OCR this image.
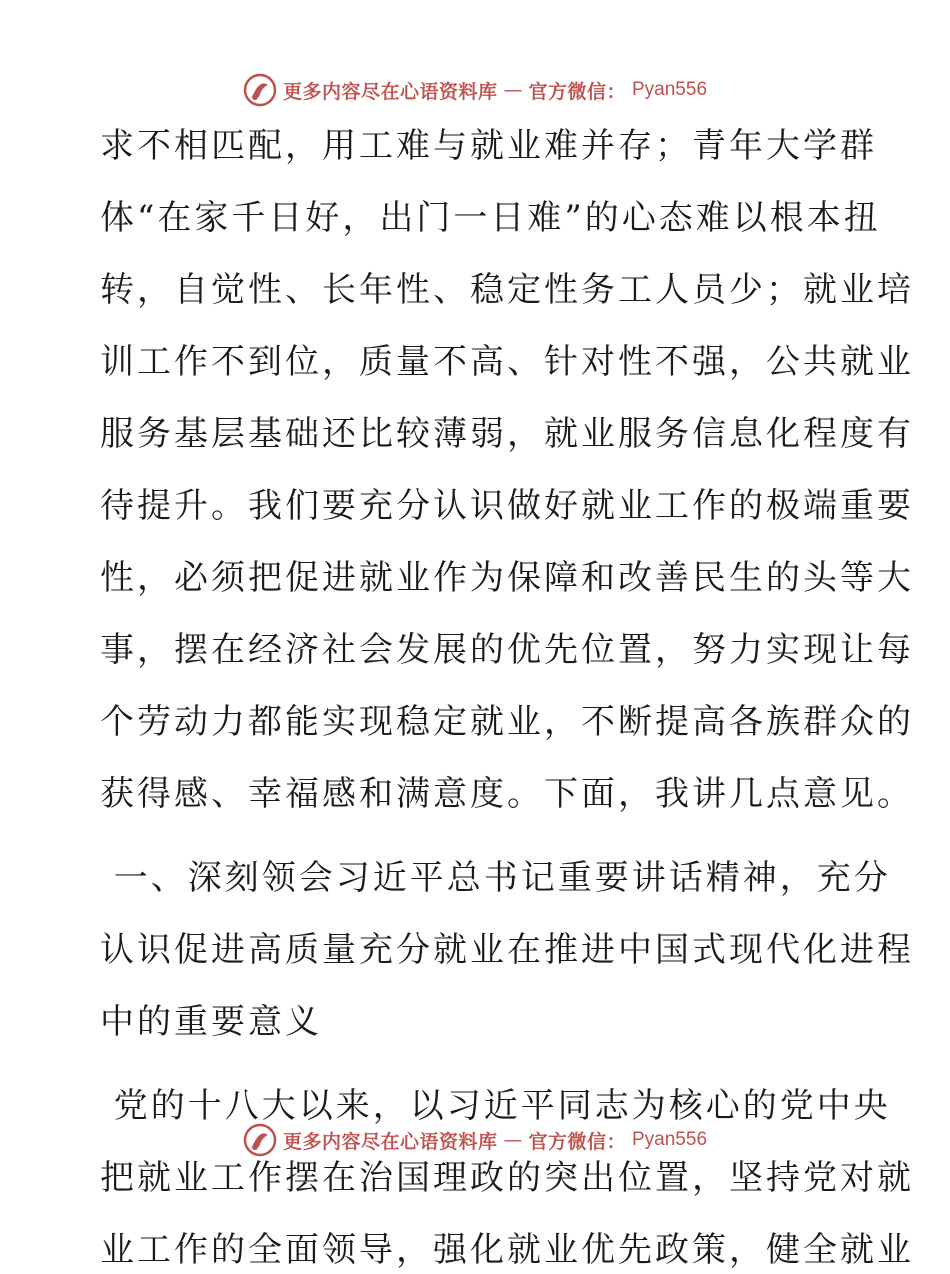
更多内容尽在心语资料库 — 官方微信： Pyan556
求不相匹配，用工难与就业难并存；青年大学群
体“在家千日好，出门一日难”的心态难以根本扭
转，自觉性、长年性、稳定性务工人员少；就业培
训工作不到位，质量不高、针对性不强，公共就业
服务基层基础还比较薄弱，就业服务信息化程度有
待提升。我们要充分认识做好就业工作的极端重要
性，必须把促进就业作为保障和改善民生的头等大
事，摆在经济社会发展的优先位置，努力实现让每
个劳动力都能实现稳定就业，不断提高各族群众的
获得感、幸福感和满意度。下面，我讲几点意见。
一、深刻领会习近平总书记重要讲话精神，充分
认识促进高质量充分就业在推进中国式现代化进程
中的重要意义
党的十八大以来，以习近平同志为核心的党中央
把就业工作摆在治国理政的突出位置，坚持党对就
业工作的全面领导，强化就业优先政策，健全就业
更多内容尽在心语资料库 — 官方微信： Pyan556
